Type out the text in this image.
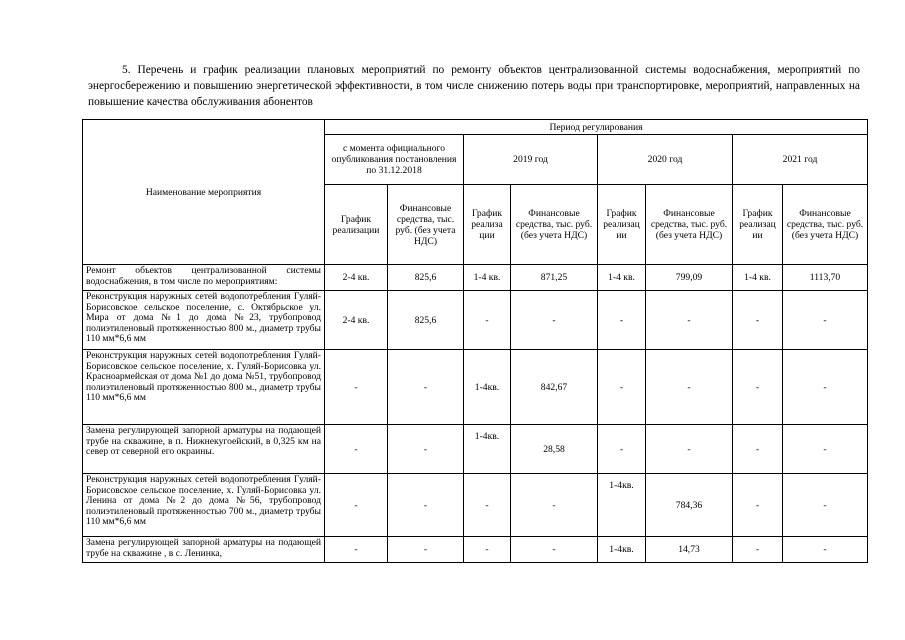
5. Перечень и график реализации плановых мероприятий по ремонту объектов централизованной системы водоснабжения, мероприятий по энергосбережению и повышению энергетической эффективности, в том числе снижению потерь воды при транспортировке, мероприятий, направленных на повышение качества обслуживания абонентов

Наименование мероприятия	Период регулирования							
	с момента официального опубликования постановления по 31.12.2018		2019 год		2020 год		2021 год	
	График реализации	Финансовые средства, тыс. руб. (без учета НДС)	График реализа ции	Финансовые средства, тыс. руб. (без учета НДС)	График реализац ии	Финансовые средства, тыс. руб. (без учета НДС)	График реализац ии	Финансовые средства, тыс. руб. (без учета НДС)
Ремонт объектов централизованной системы водоснабжения, в том числе по мероприятиям:	2-4 кв.	825,6	1-4 кв.	871,25	1-4 кв.	799,09	1-4 кв.	1113,70
Реконструкция наружных сетей водопотребления Гуляй-Борисовское сельское поселение, с. Октябрьское ул. Мира от дома №1 до дома №23, трубопровод полиэтиленовый протяженностью 800 м., диаметр трубы 110 мм*6,6 мм	2-4 кв.	825,6	-	-	-	-	-	-
Реконструкция наружных сетей водопотребления Гуляй-Борисовское сельское поселение, х. Гуляй-Борисовка ул. Красноармейская от дома №1 до дома №51, трубопровод полиэтиленовый протяженностью 800 м., диаметр трубы 110 мм*6,6 мм	-	-	1-4кв.	842,67	-	-	-	-
Замена регулирующей запорной арматуры на подающей трубе на скважине, в п. Нижнекугоейский, в 0,325 км на север от северной его окраины.	-	-	1-4кв.	28,58	-	-	-	-
Реконструкция наружных сетей водопотребления Гуляй-Борисовское сельское поселение, х. Гуляй-Борисовка ул. Ленина от дома №2 до дома №56, трубопровод полиэтиленовый протяженностью 700 м., диаметр трубы 110 мм*6,6 мм	-	-	-	-	1-4кв.	784,36	-	-
Замена регулирующей запорной арматуры на подающей трубе на скважине , в с. Ленинка,	-	-	-	-	1-4кв.	14,73	-	-
